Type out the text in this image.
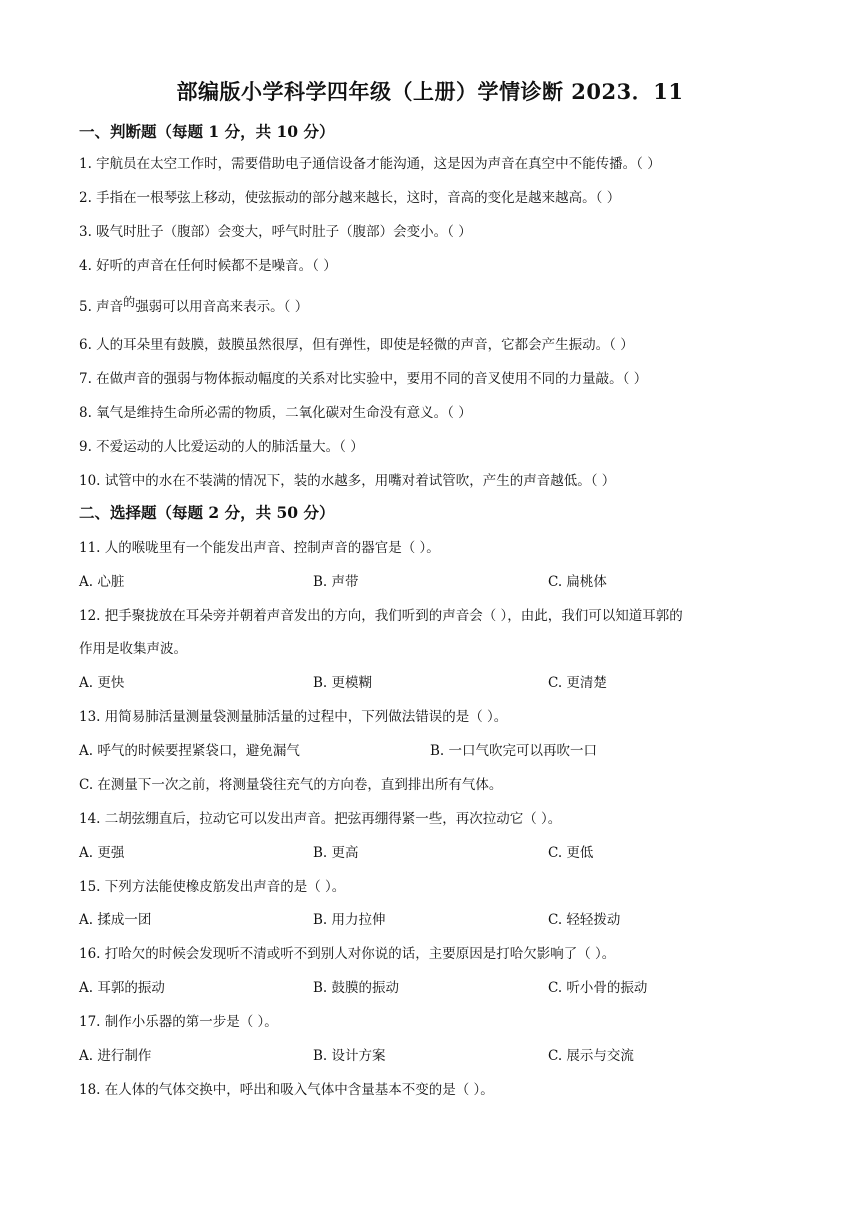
部编版小学科学四年级（上册）学情诊断 2023．11
一、判断题（每题 1 分，共 10 分）
1. 宇航员在太空工作时，需要借助电子通信设备才能沟通，这是因为声音在真空中不能传播。（ ）
2. 手指在一根琴弦上移动，使弦振动的部分越来越长，这时，音高的变化是越来越高。（ ）
3. 吸气时肚子（腹部）会变大，呼气时肚子（腹部）会变小。（ ）
4. 好听的声音在任何时候都不是噪音。（ ）
5. 声音的强弱可以用音高来表示。（ ）
6. 人的耳朵里有鼓膜，鼓膜虽然很厚，但有弹性，即使是轻微的声音，它都会产生振动。（ ）
7. 在做声音的强弱与物体振动幅度的关系对比实验中，要用不同的音叉使用不同的力量敲。（ ）
8. 氧气是维持生命所必需的物质，二氧化碳对生命没有意义。（ ）
9. 不爱运动的人比爱运动的人的肺活量大。（ ）
10. 试管中的水在不装满的情况下，装的水越多，用嘴对着试管吹，产生的声音越低。（ ）
二、选择题（每题 2 分，共 50 分）
11. 人的喉咙里有一个能发出声音、控制声音的器官是（ ）。
A. 心脏	B. 声带	C. 扁桃体
12. 把手聚拢放在耳朵旁并朝着声音发出的方向，我们听到的声音会（ ），由此，我们可以知道耳郭的
作用是收集声波。
A. 更快	B. 更模糊	C. 更清楚
13. 用简易肺活量测量袋测量肺活量的过程中，下列做法错误的是（ ）。
A. 呼气的时候要捏紧袋口，避免漏气	B. 一口气吹完可以再吹一口
C. 在测量下一次之前，将测量袋往充气的方向卷，直到排出所有气体。
14. 二胡弦绷直后，拉动它可以发出声音。把弦再绷得紧一些，再次拉动它（ ）。
A. 更强	B. 更高	C. 更低
15. 下列方法能使橡皮筋发出声音的是（ ）。
A. 揉成一团	B. 用力拉伸	C. 轻轻拨动
16. 打哈欠的时候会发现听不清或听不到别人对你说的话，主要原因是打哈欠影响了（ ）。
A. 耳郭的振动	B. 鼓膜的振动	C. 听小骨的振动
17. 制作小乐器的第一步是（ ）。
A. 进行制作	B. 设计方案	C. 展示与交流
18. 在人体的气体交换中，呼出和吸入气体中含量基本不变的是（ ）。
